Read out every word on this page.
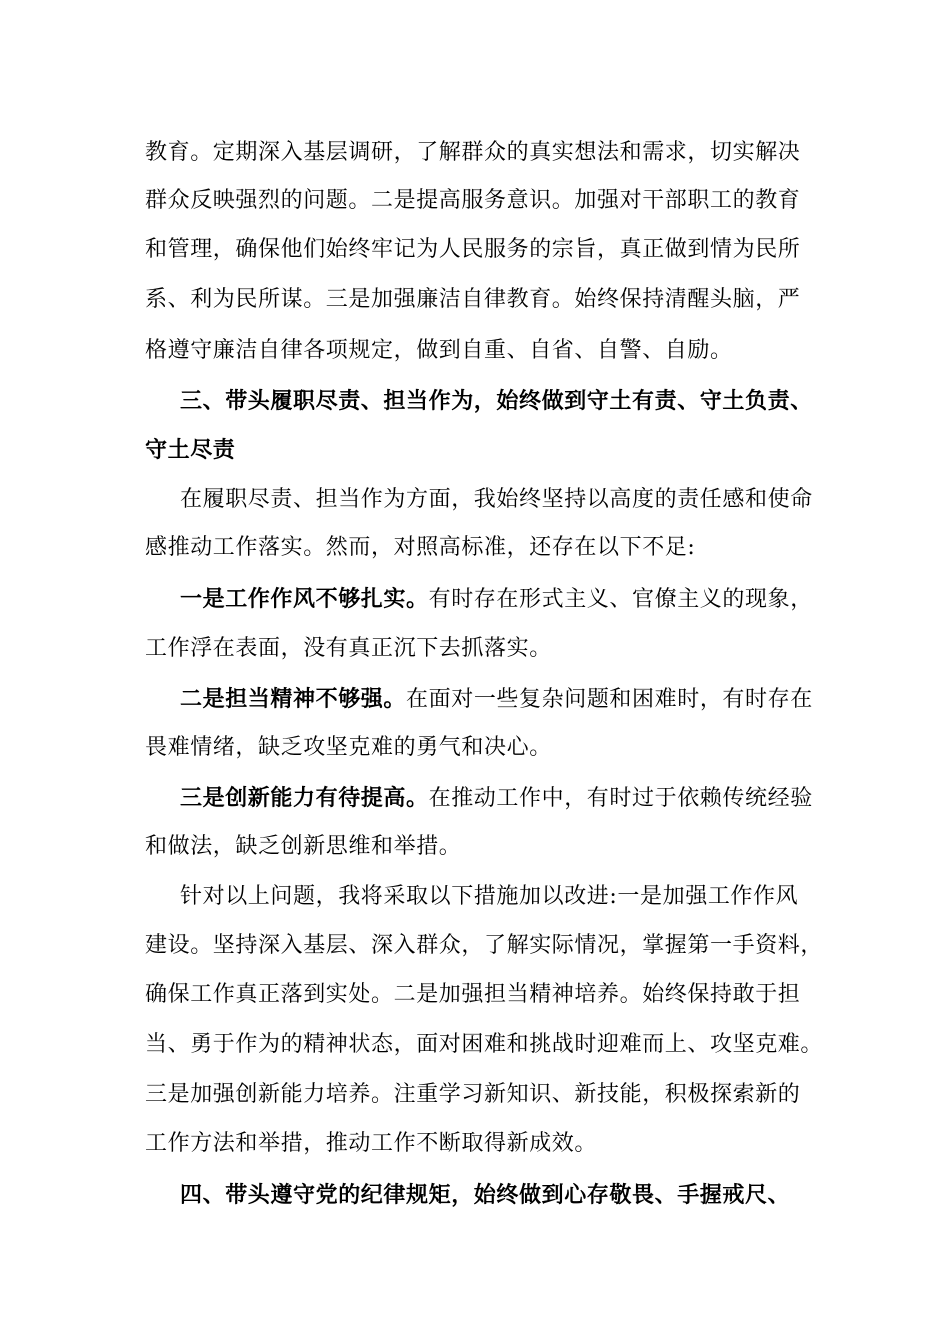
教育。定期深入基层调研，了解群众的真实想法和需求，切实解决

群众反映强烈的问题。二是提高服务意识。加强对干部职工的教育

和管理，确保他们始终牢记为人民服务的宗旨，真正做到情为民所

系、利为民所谋。三是加强廉洁自律教育。始终保持清醒头脑，严

格遵守廉洁自律各项规定，做到自重、自省、自警、自励。

三、带头履职尽责、担当作为，始终做到守土有责、守土负责、

守土尽责

在履职尽责、担当作为方面，我始终坚持以高度的责任感和使命

感推动工作落实。然而，对照高标准，还存在以下不足:

一是工作作风不够扎实。有时存在形式主义、官僚主义的现象，

工作浮在表面，没有真正沉下去抓落实。

二是担当精神不够强。在面对一些复杂问题和困难时，有时存在

畏难情绪，缺乏攻坚克难的勇气和决心。

三是创新能力有待提高。在推动工作中，有时过于依赖传统经验

和做法，缺乏创新思维和举措。

针对以上问题，我将采取以下措施加以改进:一是加强工作作风

建设。坚持深入基层、深入群众，了解实际情况，掌握第一手资料，

确保工作真正落到实处。二是加强担当精神培养。始终保持敢于担

当、勇于作为的精神状态，面对困难和挑战时迎难而上、攻坚克难。

三是加强创新能力培养。注重学习新知识、新技能，积极探索新的

工作方法和举措，推动工作不断取得新成效。

四、带头遵守党的纪律规矩，始终做到心存敬畏、手握戒尺、
